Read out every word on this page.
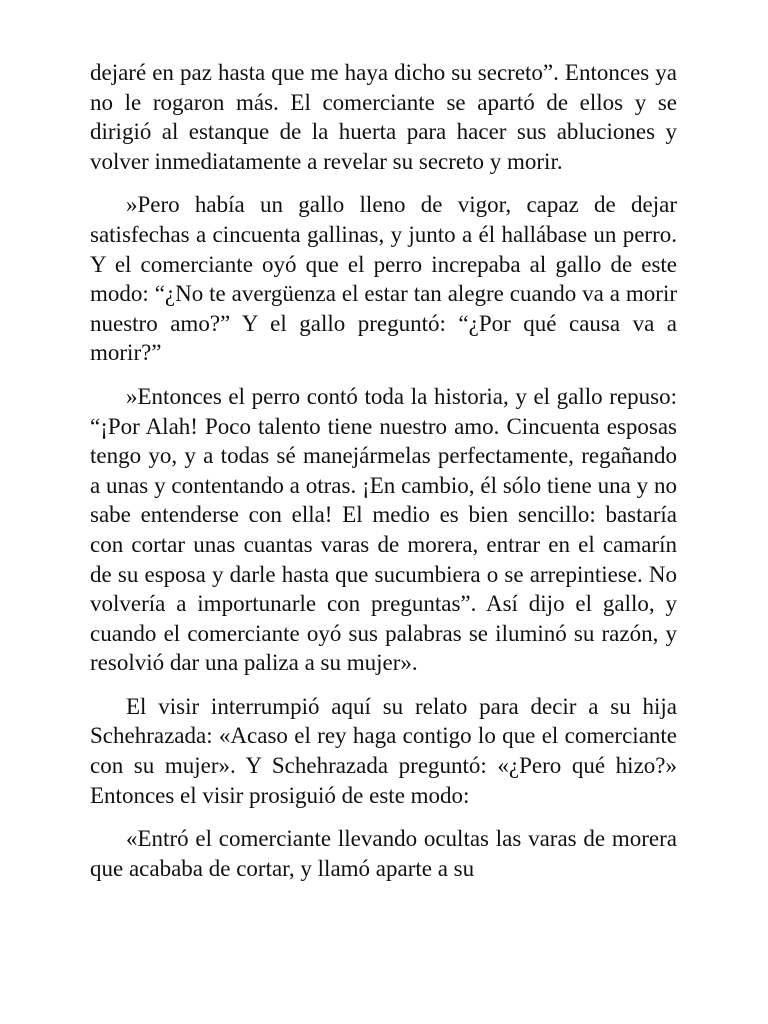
dejaré en paz hasta que me haya dicho su secreto”. Entonces ya no le rogaron más. El comerciante se apartó de ellos y se dirigió al estanque de la huerta para hacer sus abluciones y volver inmediatamente a revelar su secreto y morir.

»Pero había un gallo lleno de vigor, capaz de dejar satisfechas a cincuenta gallinas, y junto a él hallábase un perro. Y el comerciante oyó que el perro increpaba al gallo de este modo: “¿No te avergüenza el estar tan alegre cuando va a morir nuestro amo?” Y el gallo preguntó: “¿Por qué causa va a morir?”

»Entonces el perro contó toda la historia, y el gallo repuso: “¡Por Alah! Poco talento tiene nuestro amo. Cincuenta esposas tengo yo, y a todas sé manejármelas perfectamente, regañando a unas y contentando a otras. ¡En cambio, él sólo tiene una y no sabe entenderse con ella! El medio es bien sencillo: bastaría con cortar unas cuantas varas de morera, entrar en el camarín de su esposa y darle hasta que sucumbiera o se arrepintiese. No volvería a importunarle con preguntas”. Así dijo el gallo, y cuando el comerciante oyó sus palabras se iluminó su razón, y resolvió dar una paliza a su mujer».

El visir interrumpió aquí su relato para decir a su hija Schehrazada: «Acaso el rey haga contigo lo que el comerciante con su mujer». Y Schehrazada preguntó: «¿Pero qué hizo?» Entonces el visir prosiguió de este modo:

«Entró el comerciante llevando ocultas las varas de morera que acababa de cortar, y llamó aparte a su
